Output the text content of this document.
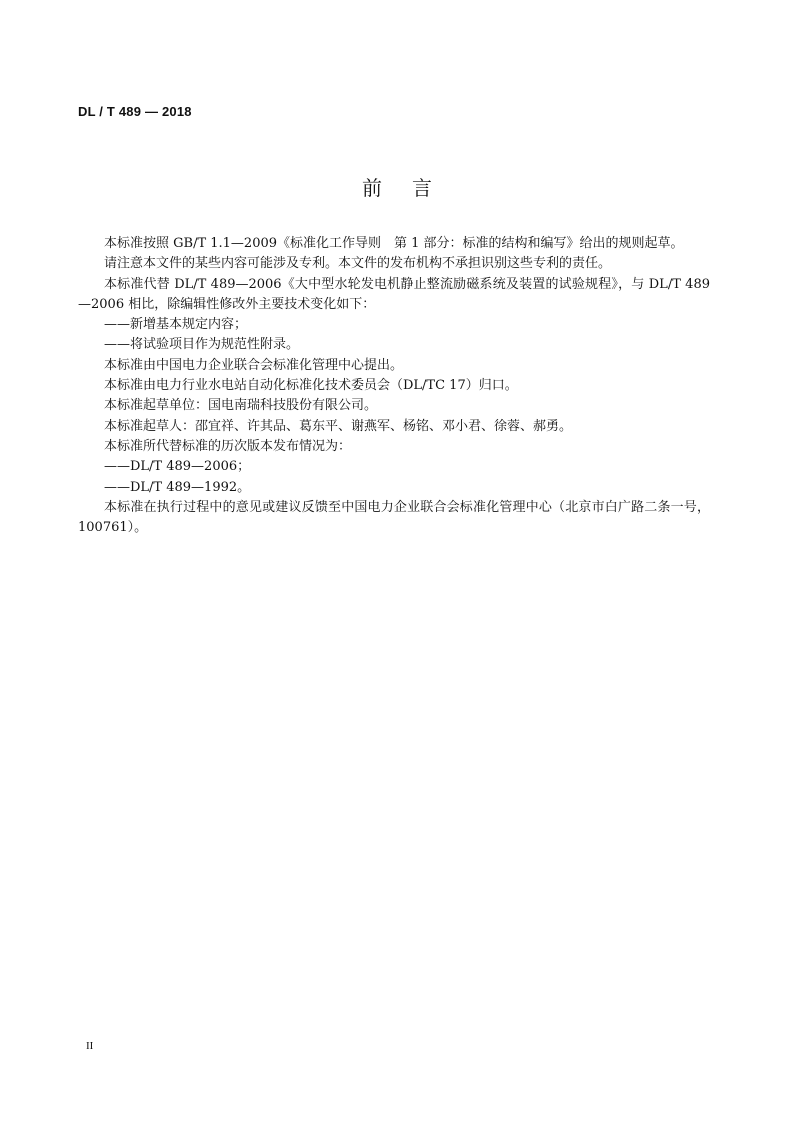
DL / T 489 — 2018
前言

本标准按照 GB/T 1.1—2009《标准化工作导则　第 1 部分：标准的结构和编写》给出的规则起草。

请注意本文件的某些内容可能涉及专利。本文件的发布机构不承担识别这些专利的责任。

本标准代替 DL/T 489—2006《大中型水轮发电机静止整流励磁系统及装置的试验规程》，与 DL/T 489—2006 相比，除编辑性修改外主要技术变化如下：

——新增基本规定内容；

——将试验项目作为规范性附录。

本标准由中国电力企业联合会标准化管理中心提出。

本标准由电力行业水电站自动化标准化技术委员会（DL/TC 17）归口。

本标准起草单位：国电南瑞科技股份有限公司。

本标准起草人：邵宜祥、许其品、葛东平、谢燕军、杨铭、邓小君、徐蓉、郝勇。

本标准所代替标准的历次版本发布情况为：

——DL/T 489—2006；

——DL/T 489—1992。

本标准在执行过程中的意见或建议反馈至中国电力企业联合会标准化管理中心（北京市白广路二条一号，100761）。

II
